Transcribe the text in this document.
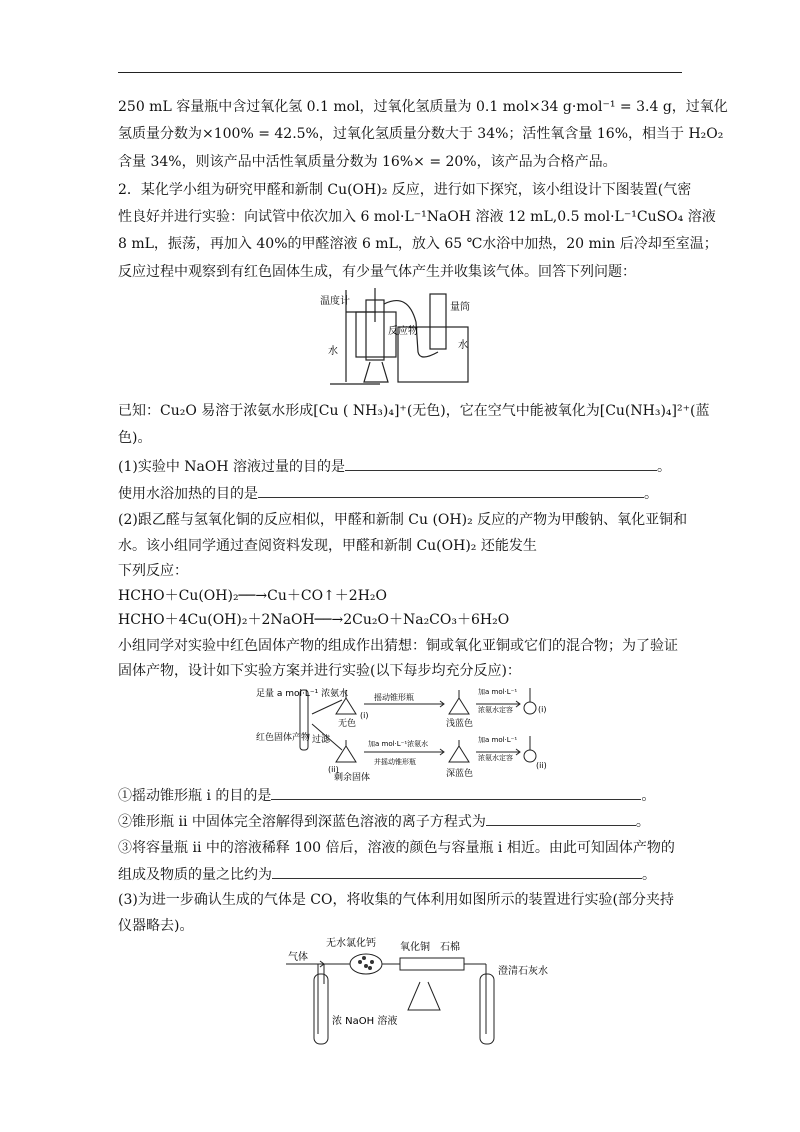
250 mL 容量瓶中含过氧化氢 0.1 mol，过氧化氢质量为 0.1 mol×34 g·mol⁻¹ = 3.4 g，过氧化
氢质量分数为×100% = 42.5%，过氧化氢质量分数大于 34%；活性氧含量 16%，相当于 H₂O₂
含量 34%，则该产品中活性氧质量分数为 16%× = 20%，该产品为合格产品。
2．某化学小组为研究甲醛和新制 Cu(OH)₂ 反应，进行如下探究，该小组设计下图装置(气密
性良好并进行实验：向试管中依次加入 6 mol·L⁻¹NaOH 溶液 12 mL,0.5 mol·L⁻¹CuSO₄ 溶液
8 mL，振荡，再加入 40%的甲醛溶液 6 mL，放入 65 ℃水浴中加热，20 min 后冷却至室温；
反应过程中观察到有红色固体生成，有少量气体产生并收集该气体。回答下列问题：
温度计
水
反应物
量筒
水
已知：Cu₂O 易溶于浓氨水形成[Cu ( NH₃)₄]⁺(无色)，它在空气中能被氧化为[Cu(NH₃)₄]²⁺(蓝
色)。
(1)实验中 NaOH 溶液过量的目的是	。
使用水浴加热的目的是	。
(2)跟乙醛与氢氧化铜的反应相似，甲醛和新制 Cu (OH)₂ 反应的产物为甲酸钠、氧化亚铜和
水。该小组同学通过查阅资料发现，甲醛和新制 Cu(OH)₂ 还能发生
下列反应：
HCHO＋Cu(OH)₂──→Cu＋CO↑＋2H₂O
HCHO＋4Cu(OH)₂＋2NaOH──→2Cu₂O＋Na₂CO₃＋6H₂O
小组同学对实验中红色固体产物的组成作出猜想：铜或氧化亚铜或它们的混合物；为了验证
固体产物，设计如下实验方案并进行实验(以下每步均充分反应)：
足量 a mol·L⁻¹ 浓氨水
红色固体产物 过滤
无色
(i)
(ii)
摇动锥形瓶
浅蓝色
加a mol·L⁻¹
浓氨水定容	(i)
剩余固体
加a mol·L⁻¹浓氨水
并摇动锥形瓶
深蓝色
加a mol·L⁻¹
浓氨水定容
(ii)
①摇动锥形瓶 ⅰ 的目的是	。
②锥形瓶 ⅱ 中固体完全溶解得到深蓝色溶液的离子方程式为	。
③将容量瓶 ⅱ 中的溶液稀释 100 倍后，溶液的颜色与容量瓶 ⅰ 相近。由此可知固体产物的
组成及物质的量之比约为	。
(3)为进一步确认生成的气体是 CO，将收集的气体利用如图所示的装置进行实验(部分夹持
仪器略去)。
气体
无水氯化钙 氧化铜 石棉
浓 NaOH 溶液
澄清石灰水
